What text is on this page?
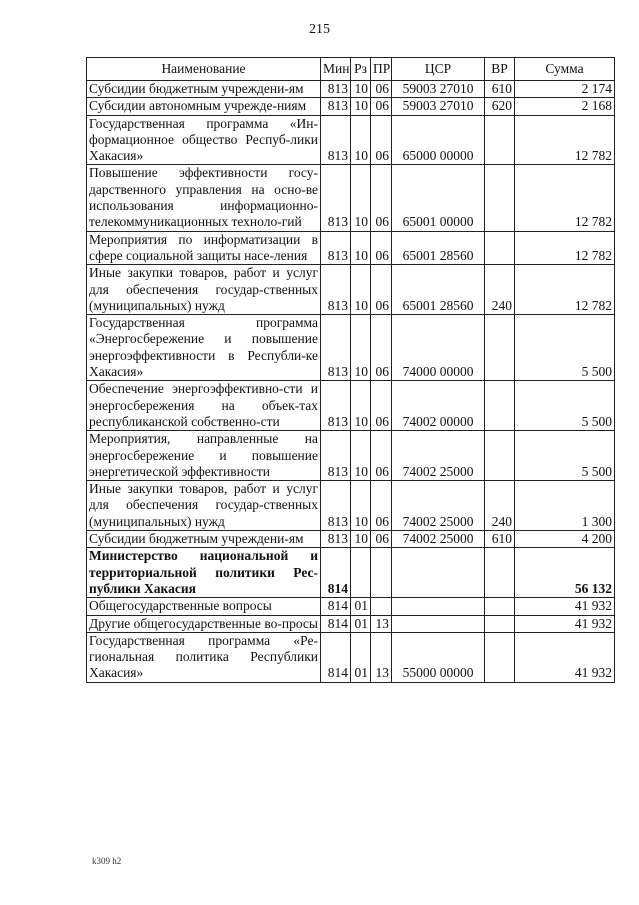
215
Наименование	Мин	Рз	ПР	ЦСР	ВР	Сумма
Субсидии бюджетным учреждени-ям	813	10	06	59003 27010	610	2 174
Субсидии автономным учрежде-ниям	813	10	06	59003 27010	620	2 168
Государственная программа «Ин-формационное общество Респуб-лики Хакасия»	813	10	06	65000 00000		12 782
Повышение эффективности госу-дарственного управления на осно-ве использования информационно-телекоммуникационных техноло-гий	813	10	06	65001 00000		12 782
Мероприятия по информатизации в сфере социальной защиты насе-ления	813	10	06	65001 28560		12 782
Иные закупки товаров, работ и услуг для обеспечения государ-ственных (муниципальных) нужд	813	10	06	65001 28560	240	12 782
Государственная программа «Энергосбережение и повышение энергоэффективности в Республи-ке Хакасия»	813	10	06	74000 00000		5 500
Обеспечение энергоэффективно-сти и энергосбережения на объек-тах республиканской собственно-сти	813	10	06	74002 00000		5 500
Мероприятия, направленные на энергосбережение и повышение энергетической эффективности	813	10	06	74002 25000		5 500
Иные закупки товаров, работ и услуг для обеспечения государ-ственных (муниципальных) нужд	813	10	06	74002 25000	240	1 300
Субсидии бюджетным учреждени-ям	813	10	06	74002 25000	610	4 200
Министерство национальной и территориальной политики Рес-публики Хакасия	814					56 132
Общегосударственные вопросы	814	01				41 932
Другие общегосударственные во-просы	814	01	13			41 932
Государственная программа «Ре-гиональная политика Республики Хакасия»	814	01	13	55000 00000		41 932
k309 h2
